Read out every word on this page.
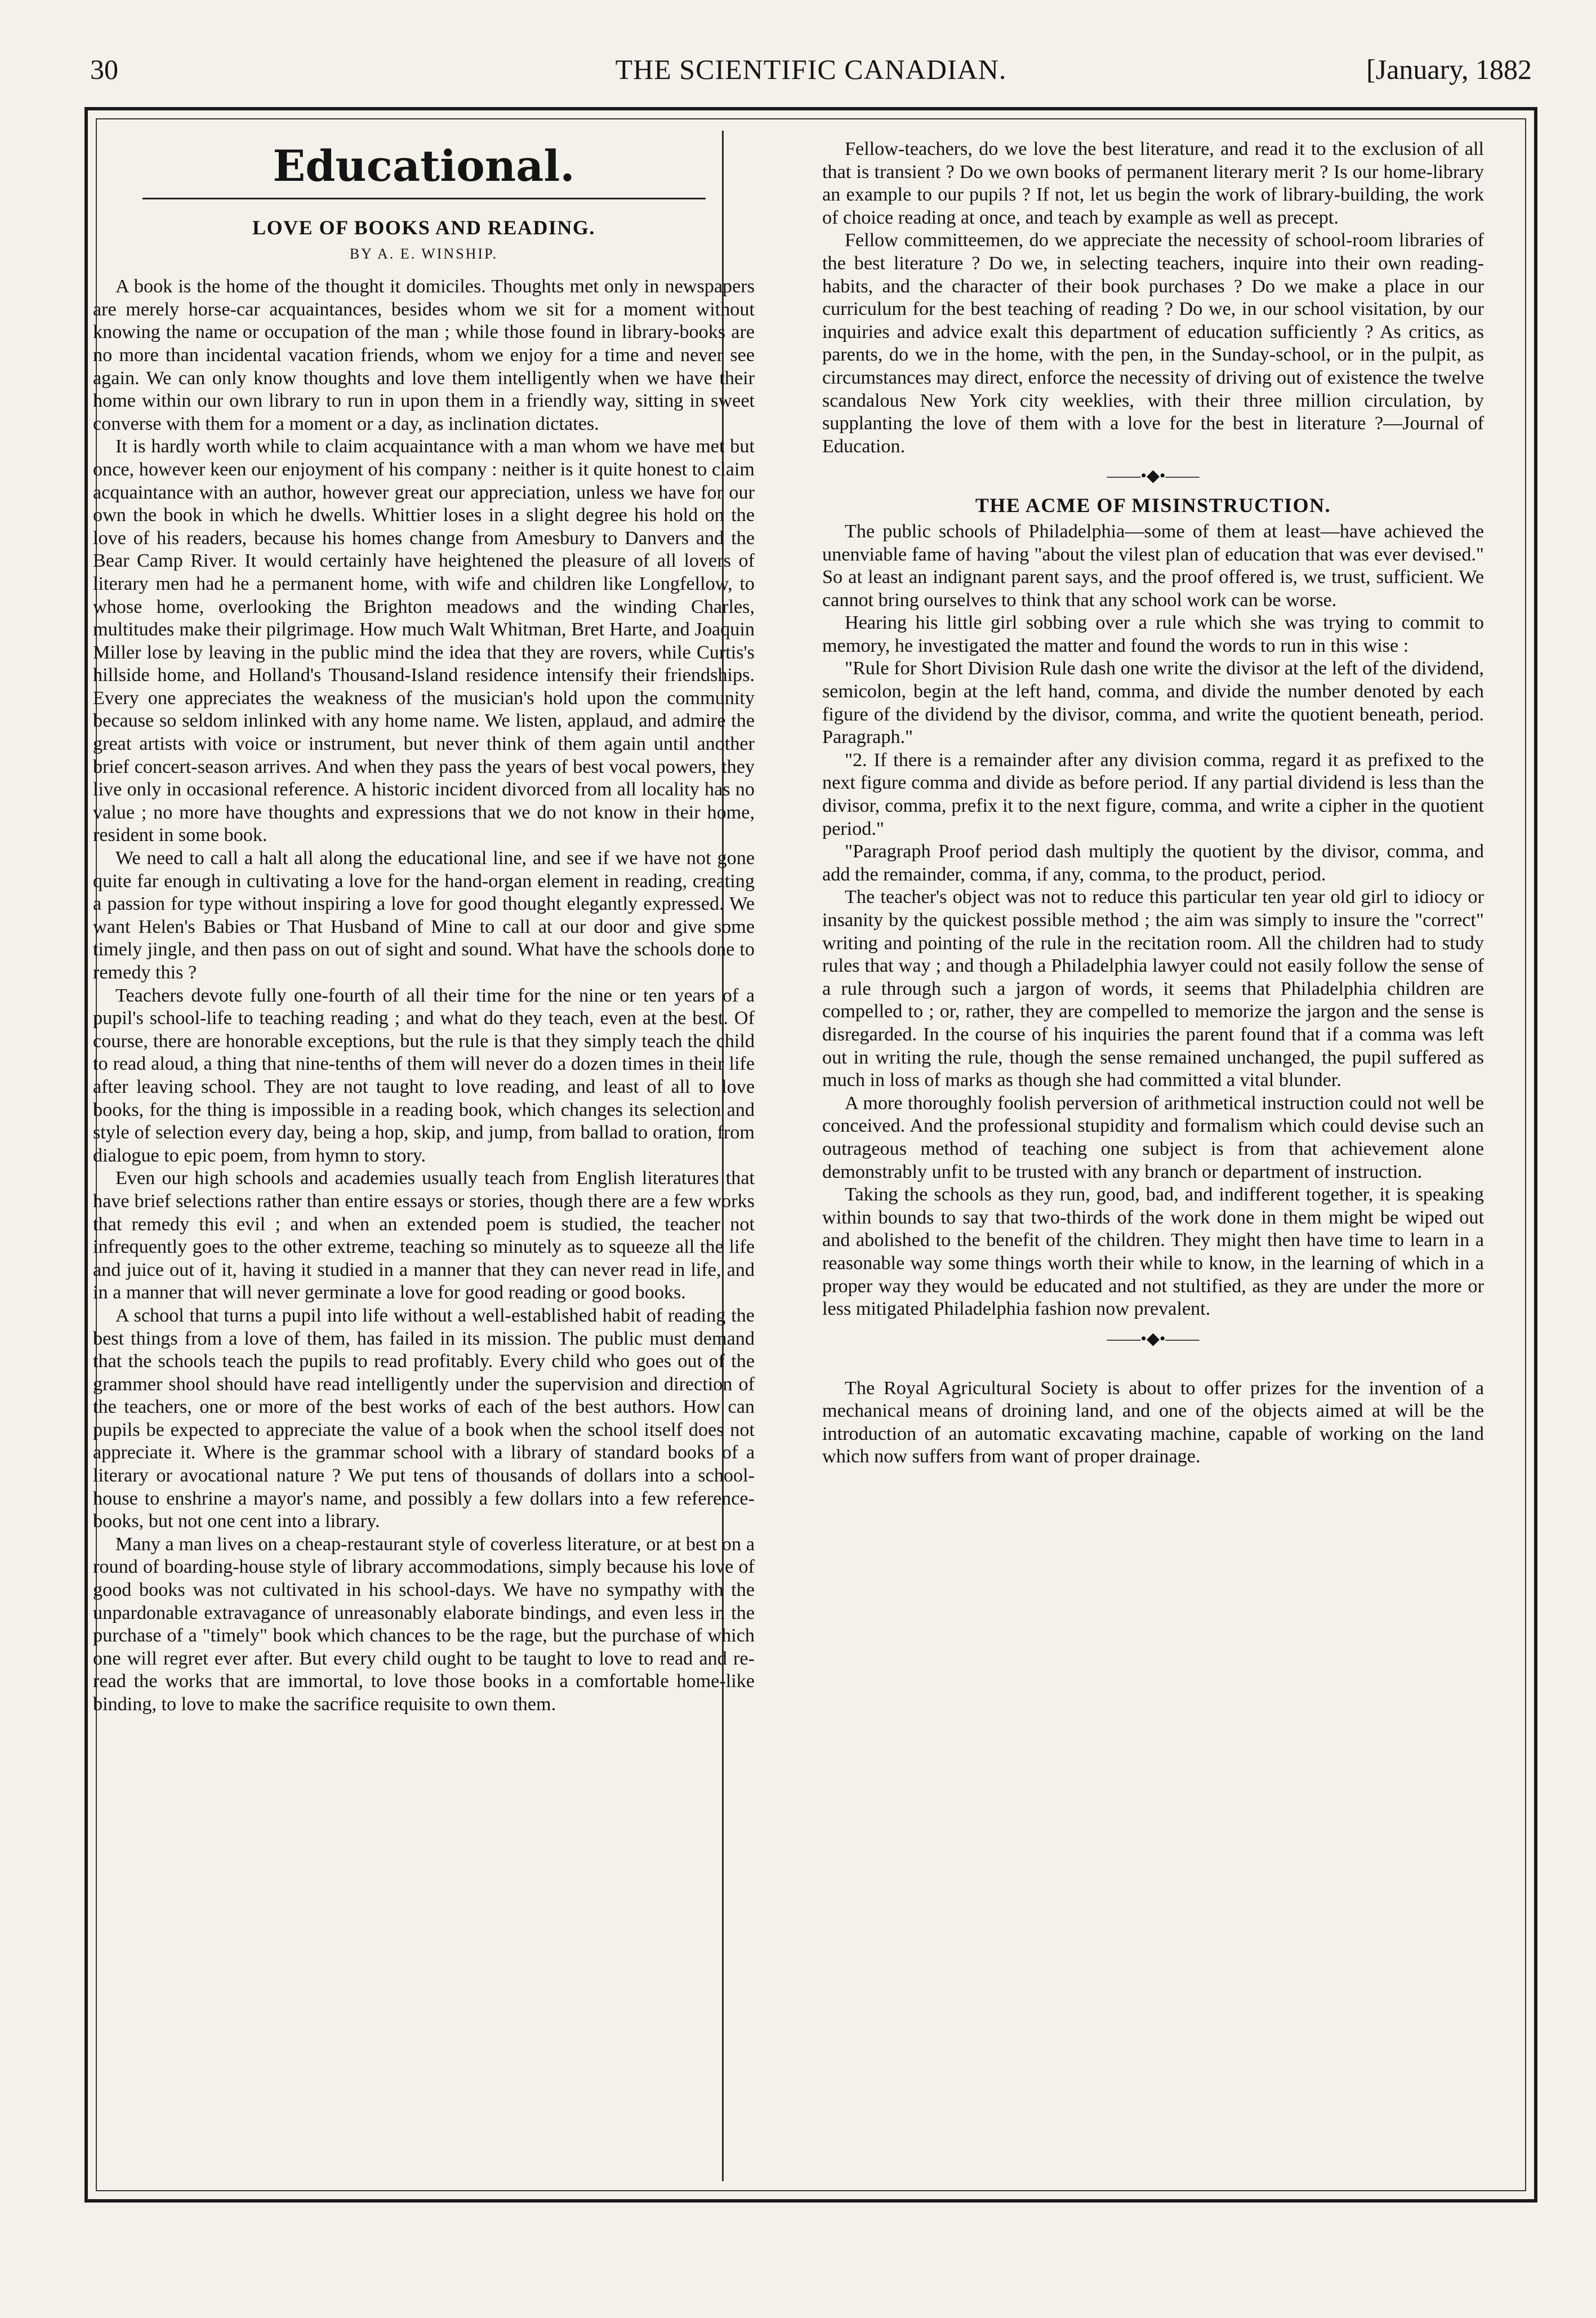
30	THE SCIENTIFIC CANADIAN.	[January, 1882
Educational.
LOVE OF BOOKS AND READING.
BY A. E. WINSHIP.

A book is the home of the thought it domiciles. Thoughts met only in newspapers are merely horse-car acquaintances, besides whom we sit for a moment without knowing the name or occupation of the man ; while those found in library-books are no more than incidental vacation friends, whom we enjoy for a time and never see again. We can only know thoughts and love them intelligently when we have their home within our own library to run in upon them in a friendly way, sitting in sweet converse with them for a moment or a day, as inclination dictates.

It is hardly worth while to claim acquaintance with a man whom we have met but once, however keen our enjoyment of his company : neither is it quite honest to claim acquaintance with an author, however great our appreciation, unless we have for our own the book in which he dwells. Whittier loses in a slight degree his hold on the love of his readers, because his homes change from Amesbury to Danvers and the Bear Camp River. It would certainly have heightened the pleasure of all lovers of literary men had he a permanent home, with wife and children like Longfellow, to whose home, overlooking the Brighton meadows and the winding Charles, multitudes make their pilgrimage. How much Walt Whitman, Bret Harte, and Joaquin Miller lose by leaving in the public mind the idea that they are rovers, while Curtis's hillside home, and Holland's Thousand-Island residence intensify their friendships. Every one appreciates the weakness of the musician's hold upon the community because so seldom inlinked with any home name. We listen, applaud, and admire the great artists with voice or instrument, but never think of them again until another brief concert-season arrives. And when they pass the years of best vocal powers, they live only in occasional reference. A historic incident divorced from all locality has no value ; no more have thoughts and expressions that we do not know in their home, resident in some book.

We need to call a halt all along the educational line, and see if we have not gone quite far enough in cultivating a love for the hand-organ element in reading, creating a passion for type without inspiring a love for good thought elegantly expressed. We want Helen's Babies or That Husband of Mine to call at our door and give some timely jingle, and then pass on out of sight and sound. What have the schools done to remedy this ?

Teachers devote fully one-fourth of all their time for the nine or ten years of a pupil's school-life to teaching reading ; and what do they teach, even at the best. Of course, there are honorable exceptions, but the rule is that they simply teach the child to read aloud, a thing that nine-tenths of them will never do a dozen times in their life after leaving school. They are not taught to love reading, and least of all to love books, for the thing is impossible in a reading book, which changes its selection and style of selection every day, being a hop, skip, and jump, from ballad to oration, from dialogue to epic poem, from hymn to story.

Even our high schools and academies usually teach from English literatures that have brief selections rather than entire essays or stories, though there are a few works that remedy this evil ; and when an extended poem is studied, the teacher not infrequently goes to the other extreme, teaching so minutely as to squeeze all the life and juice out of it, having it studied in a manner that they can never read in life, and in a manner that will never germinate a love for good reading or good books.

A school that turns a pupil into life without a well-established habit of reading the best things from a love of them, has failed in its mission. The public must demand that the schools teach the pupils to read profitably. Every child who goes out of the grammer shool should have read intelligently under the supervision and direction of the teachers, one or more of the best works of each of the best authors. How can pupils be expected to appreciate the value of a book when the school itself does not appreciate it. Where is the grammar school with a library of standard books of a literary or avocational nature ? We put tens of thousands of dollars into a school-house to enshrine a mayor's name, and possibly a few dollars into a few reference-books, but not one cent into a library.

Many a man lives on a cheap-restaurant style of coverless literature, or at best on a round of boarding-house style of library accommodations, simply because his love of good books was not cultivated in his school-days. We have no sympathy with the unpardonable extravagance of unreasonably elaborate bindings, and even less in the purchase of a "timely" book which chances to be the rage, but the purchase of which one will regret ever after. But every child ought to be taught to love to read and re-read the works that are immortal, to love those books in a comfortable home-like binding, to love to make the sacrifice requisite to own them.

Fellow-teachers, do we love the best literature, and read it to the exclusion of all that is transient ? Do we own books of permanent literary merit ? Is our home-library an example to our pupils ? If not, let us begin the work of library-building, the work of choice reading at once, and teach by example as well as precept.

Fellow committeemen, do we appreciate the necessity of school-room libraries of the best literature ? Do we, in selecting teachers, inquire into their own reading-habits, and the character of their book purchases ? Do we make a place in our curriculum for the best teaching of reading ? Do we, in our school visitation, by our inquiries and advice exalt this department of education sufficiently ? As critics, as parents, do we in the home, with the pen, in the Sunday-school, or in the pulpit, as circumstances may direct, enforce the necessity of driving out of existence the twelve scandalous New York city weeklies, with their three million circulation, by supplanting the love of them with a love for the best in literature ?—Journal of Education.

——•◆•——
THE ACME OF MISINSTRUCTION.

The public schools of Philadelphia—some of them at least—have achieved the unenviable fame of having "about the vilest plan of education that was ever devised." So at least an indignant parent says, and the proof offered is, we trust, sufficient. We cannot bring ourselves to think that any school work can be worse.

Hearing his little girl sobbing over a rule which she was trying to commit to memory, he investigated the matter and found the words to run in this wise :

"Rule for Short Division Rule dash one write the divisor at the left of the dividend, semicolon, begin at the left hand, comma, and divide the number denoted by each figure of the dividend by the divisor, comma, and write the quotient beneath, period. Paragraph."

"2. If there is a remainder after any division comma, regard it as prefixed to the next figure comma and divide as before period. If any partial dividend is less than the divisor, comma, prefix it to the next figure, comma, and write a cipher in the quotient period."

"Paragraph Proof period dash multiply the quotient by the divisor, comma, and add the remainder, comma, if any, comma, to the product, period.

The teacher's object was not to reduce this particular ten year old girl to idiocy or insanity by the quickest possible method ; the aim was simply to insure the "correct" writing and pointing of the rule in the recitation room. All the children had to study rules that way ; and though a Philadelphia lawyer could not easily follow the sense of a rule through such a jargon of words, it seems that Philadelphia children are compelled to ; or, rather, they are compelled to memorize the jargon and the sense is disregarded. In the course of his inquiries the parent found that if a comma was left out in writing the rule, though the sense remained unchanged, the pupil suffered as much in loss of marks as though she had committed a vital blunder.

A more thoroughly foolish perversion of arithmetical instruction could not well be conceived. And the professional stupidity and formalism which could devise such an outrageous method of teaching one subject is from that achievement alone demonstrably unfit to be trusted with any branch or department of instruction.

Taking the schools as they run, good, bad, and indifferent together, it is speaking within bounds to say that two-thirds of the work done in them might be wiped out and abolished to the benefit of the children. They might then have time to learn in a reasonable way some things worth their while to know, in the learning of which in a proper way they would be educated and not stultified, as they are under the more or less mitigated Philadelphia fashion now prevalent.

——•◆•——

The Royal Agricultural Society is about to offer prizes for the invention of a mechanical means of droining land, and one of the objects aimed at will be the introduction of an automatic excavating machine, capable of working on the land which now suffers from want of proper drainage.
